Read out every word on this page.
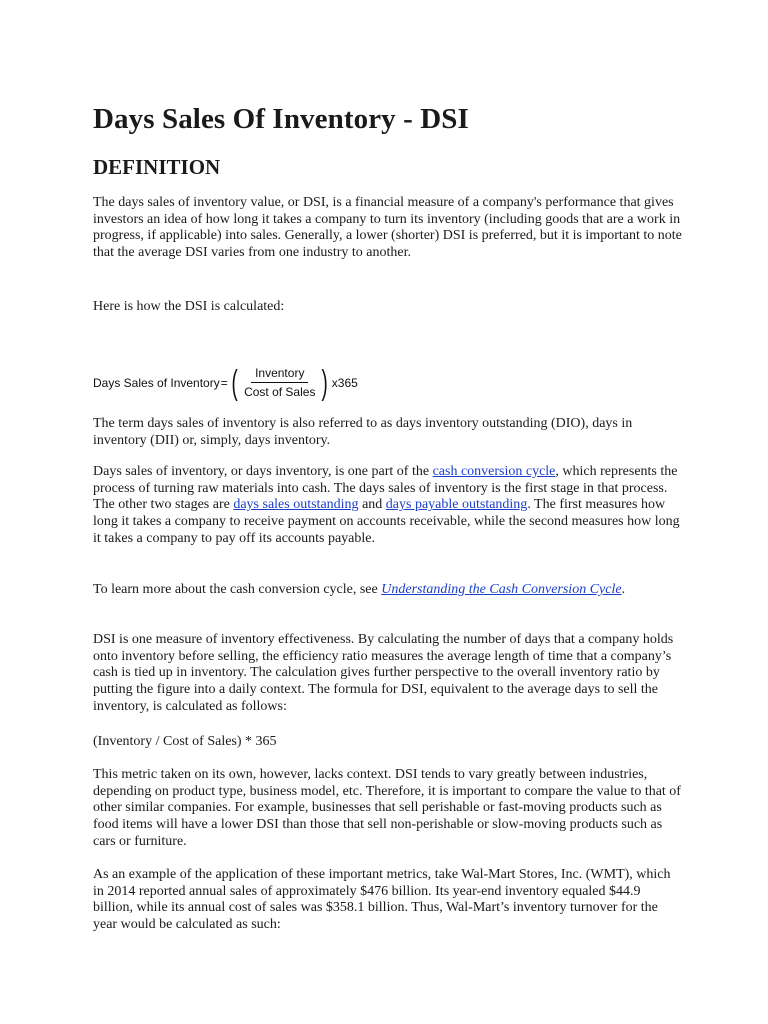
Days Sales Of Inventory - DSI
DEFINITION

The days sales of inventory value, or DSI, is a financial measure of a company's performance that gives investors an idea of how long it takes a company to turn its inventory (including goods that are a work in progress, if applicable) into sales. Generally, a lower (shorter) DSI is preferred, but it is important to note that the average DSI varies from one industry to another.

Here is how the DSI is calculated:

Days Sales of Inventory = ( $\frac{\text{Inventory}}{\text{Cost of Sales}}$ ) x365

The term days sales of inventory is also referred to as days inventory outstanding (DIO), days in inventory (DII) or, simply, days inventory.

Days sales of inventory, or days inventory, is one part of the cash conversion cycle, which represents the process of turning raw materials into cash. The days sales of inventory is the first stage in that process. The other two stages are days sales outstanding and days payable outstanding. The first measures how long it takes a company to receive payment on accounts receivable, while the second measures how long it takes a company to pay off its accounts payable.

To learn more about the cash conversion cycle, see Understanding the Cash Conversion Cycle.

DSI is one measure of inventory effectiveness. By calculating the number of days that a company holds onto inventory before selling, the efficiency ratio measures the average length of time that a company’s cash is tied up in inventory. The calculation gives further perspective to the overall inventory ratio by putting the figure into a daily context. The formula for DSI, equivalent to the average days to sell the inventory, is calculated as follows:

(Inventory / Cost of Sales) * 365

This metric taken on its own, however, lacks context. DSI tends to vary greatly between industries, depending on product type, business model, etc. Therefore, it is important to compare the value to that of other similar companies. For example, businesses that sell perishable or fast-moving products such as food items will have a lower DSI than those that sell non-perishable or slow-moving products such as cars or furniture.

As an example of the application of these important metrics, take Wal-Mart Stores, Inc. (WMT), which in 2014 reported annual sales of approximately $476 billion. Its year-end inventory equaled $44.9 billion, while its annual cost of sales was $358.1 billion. Thus, Wal-Mart’s inventory turnover for the year would be calculated as such:
